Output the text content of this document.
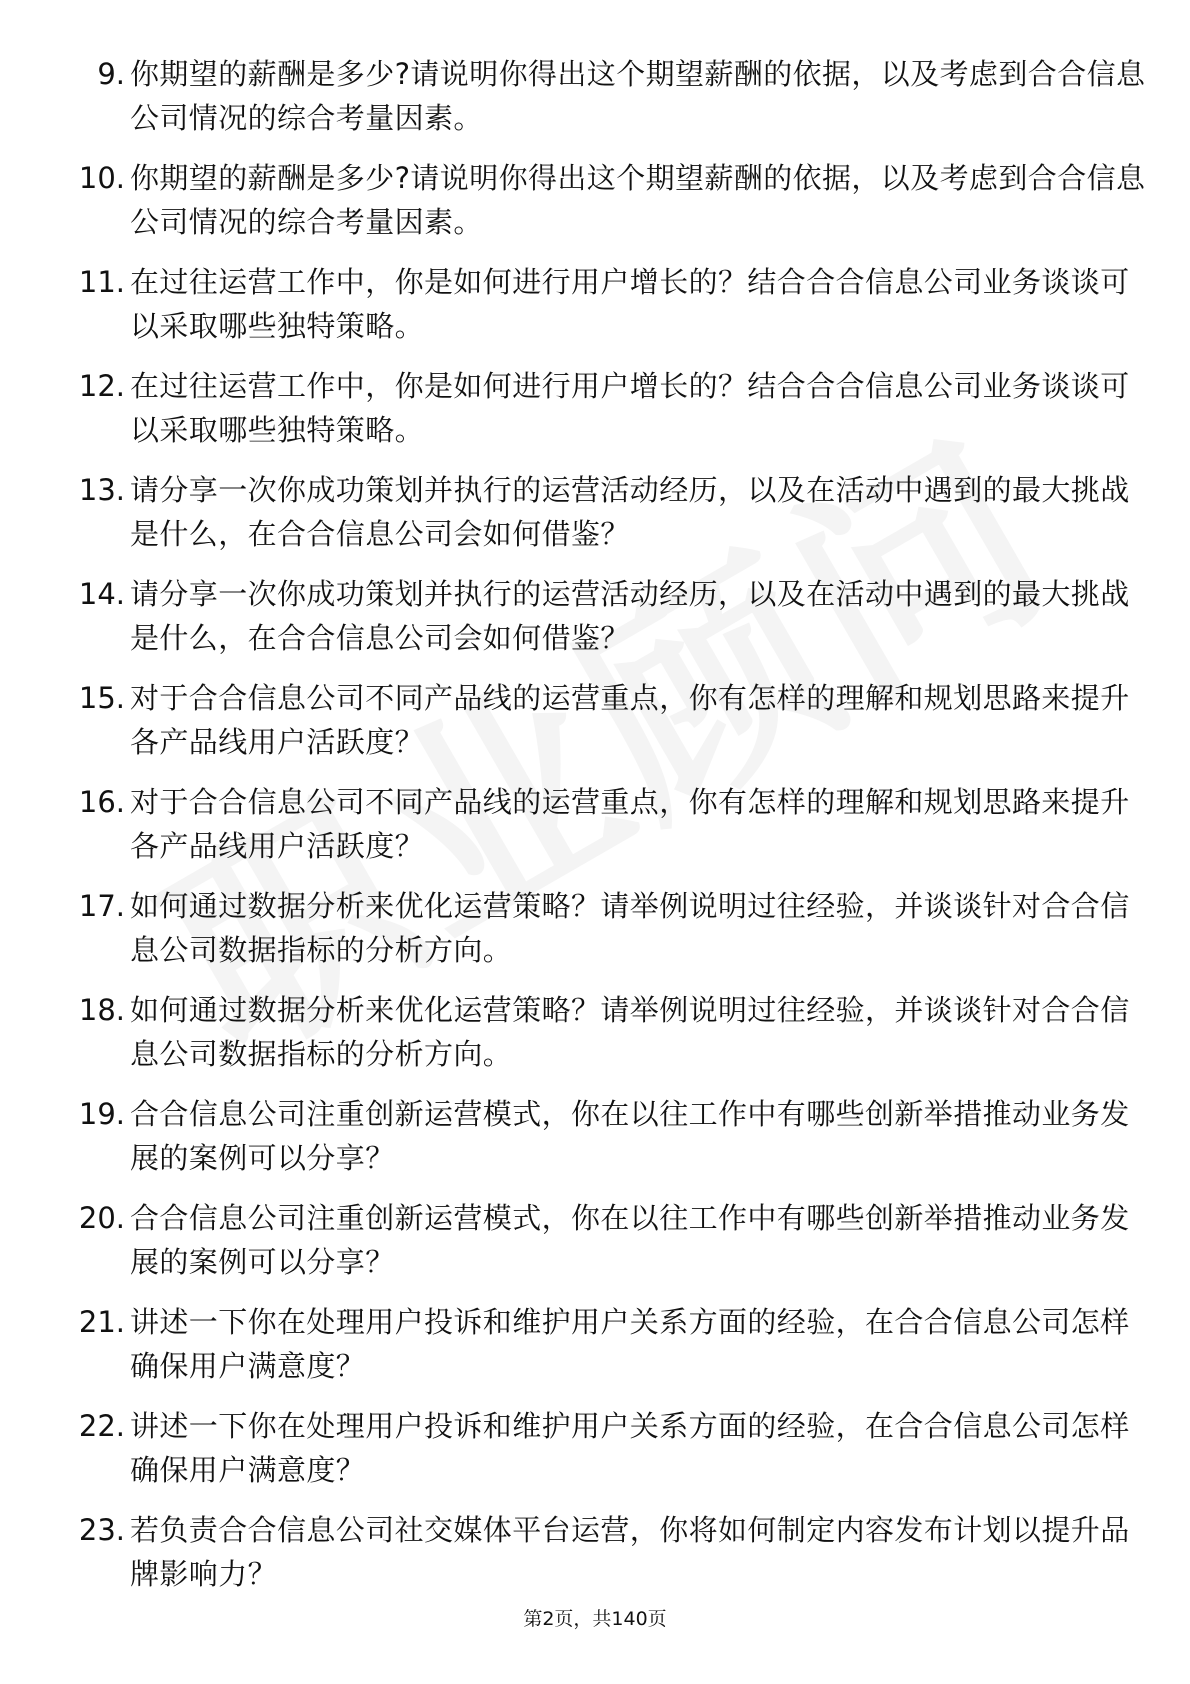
9. 你期望的薪酬是多少?请说明你得出这个期望薪酬的依据，以及考虑到合合信息公司情况的综合考量因素。
10. 你期望的薪酬是多少?请说明你得出这个期望薪酬的依据，以及考虑到合合信息公司情况的综合考量因素。
11. 在过往运营工作中，你是如何进行用户增长的？结合合合信息公司业务谈谈可以采取哪些独特策略。
12. 在过往运营工作中，你是如何进行用户增长的？结合合合信息公司业务谈谈可以采取哪些独特策略。
13. 请分享一次你成功策划并执行的运营活动经历，以及在活动中遇到的最大挑战是什么，在合合信息公司会如何借鉴？
14. 请分享一次你成功策划并执行的运营活动经历，以及在活动中遇到的最大挑战是什么，在合合信息公司会如何借鉴？
15. 对于合合信息公司不同产品线的运营重点，你有怎样的理解和规划思路来提升各产品线用户活跃度？
16. 对于合合信息公司不同产品线的运营重点，你有怎样的理解和规划思路来提升各产品线用户活跃度？
17. 如何通过数据分析来优化运营策略？请举例说明过往经验，并谈谈针对合合信息公司数据指标的分析方向。
18. 如何通过数据分析来优化运营策略？请举例说明过往经验，并谈谈针对合合信息公司数据指标的分析方向。
19. 合合信息公司注重创新运营模式，你在以往工作中有哪些创新举措推动业务发展的案例可以分享？
20. 合合信息公司注重创新运营模式，你在以往工作中有哪些创新举措推动业务发展的案例可以分享？
21. 讲述一下你在处理用户投诉和维护用户关系方面的经验，在合合信息公司怎样确保用户满意度？
22. 讲述一下你在处理用户投诉和维护用户关系方面的经验，在合合信息公司怎样确保用户满意度？
23. 若负责合合信息公司社交媒体平台运营，你将如何制定内容发布计划以提升品牌影响力？
第2页，共140页
